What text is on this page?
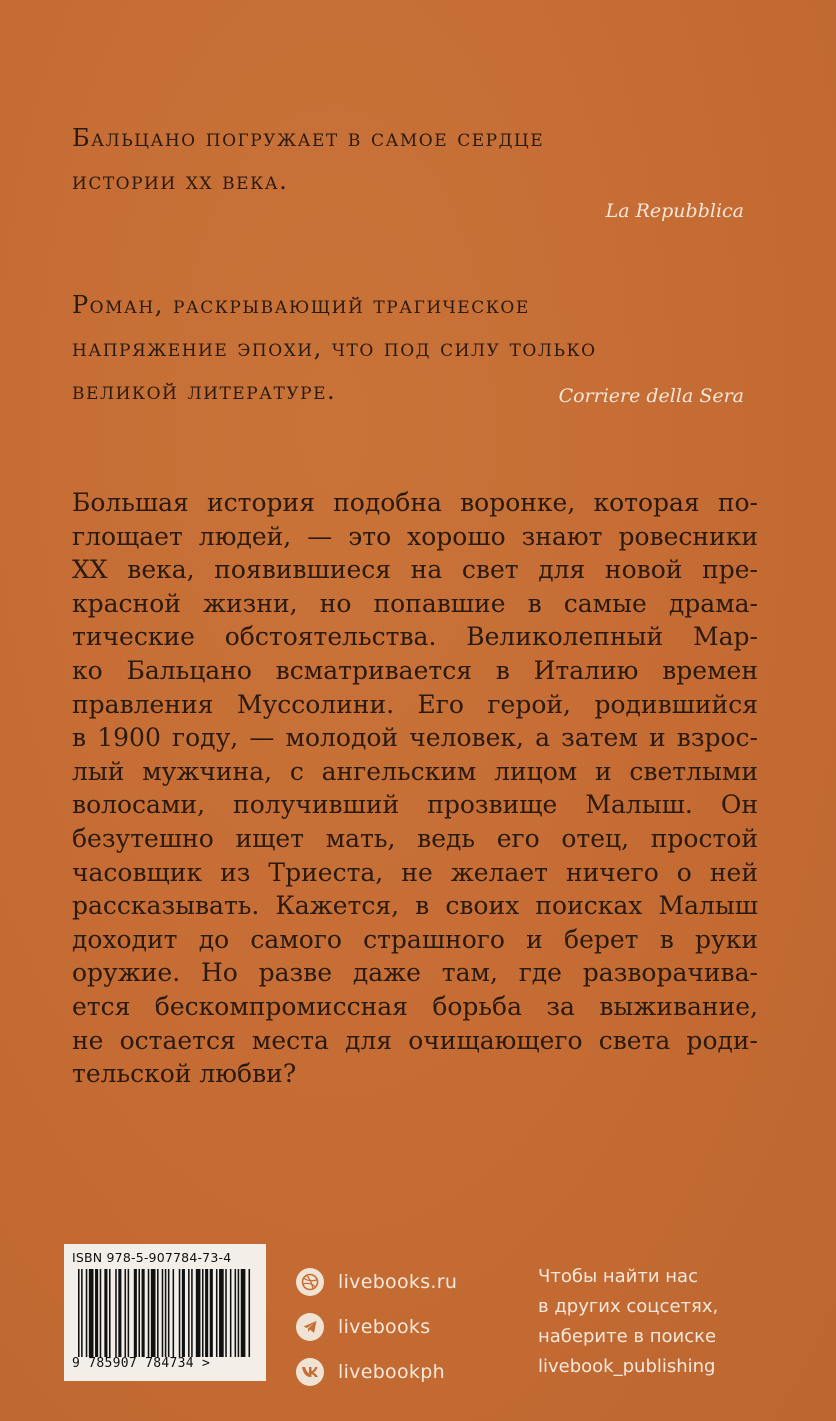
Бальцано погружает в самое сердце
истории xx века.
La Repubblica
Роман, раскрывающий трагическое
напряжение эпохи, что под силу только
великой литературе.	Corriere della Sera
Большая история подобна воронке, которая по-
глощает людей, — это хорошо знают ровесники
XX века, появившиеся на свет для новой пре-
красной жизни, но попавшие в самые драма-
тические обстоятельства. Великолепный Мар-
ко Бальцано всматривается в Италию времен
правления Муссолини. Его герой, родившийся
в 1900 году, — молодой человек, а затем и взрос-
лый мужчина, с ангельским лицом и светлыми
волосами, получивший прозвище Малыш. Он
безутешно ищет мать, ведь его отец, простой
часовщик из Триеста, не желает ничего о ней
рассказывать. Кажется, в своих поисках Малыш
доходит до самого страшного и берет в руки
оружие. Но разве даже там, где разворачива-
ется бескомпромиссная борьба за выживание,
не остается места для очищающего света роди-
тельской любви?
ISBN 978-5-907784-73-4
9 785907 784734 >
livebooks.ru
livebooks
livebookph
Чтобы найти нас
в других соцсетях,
наберите в поиске
livebook_publishing
